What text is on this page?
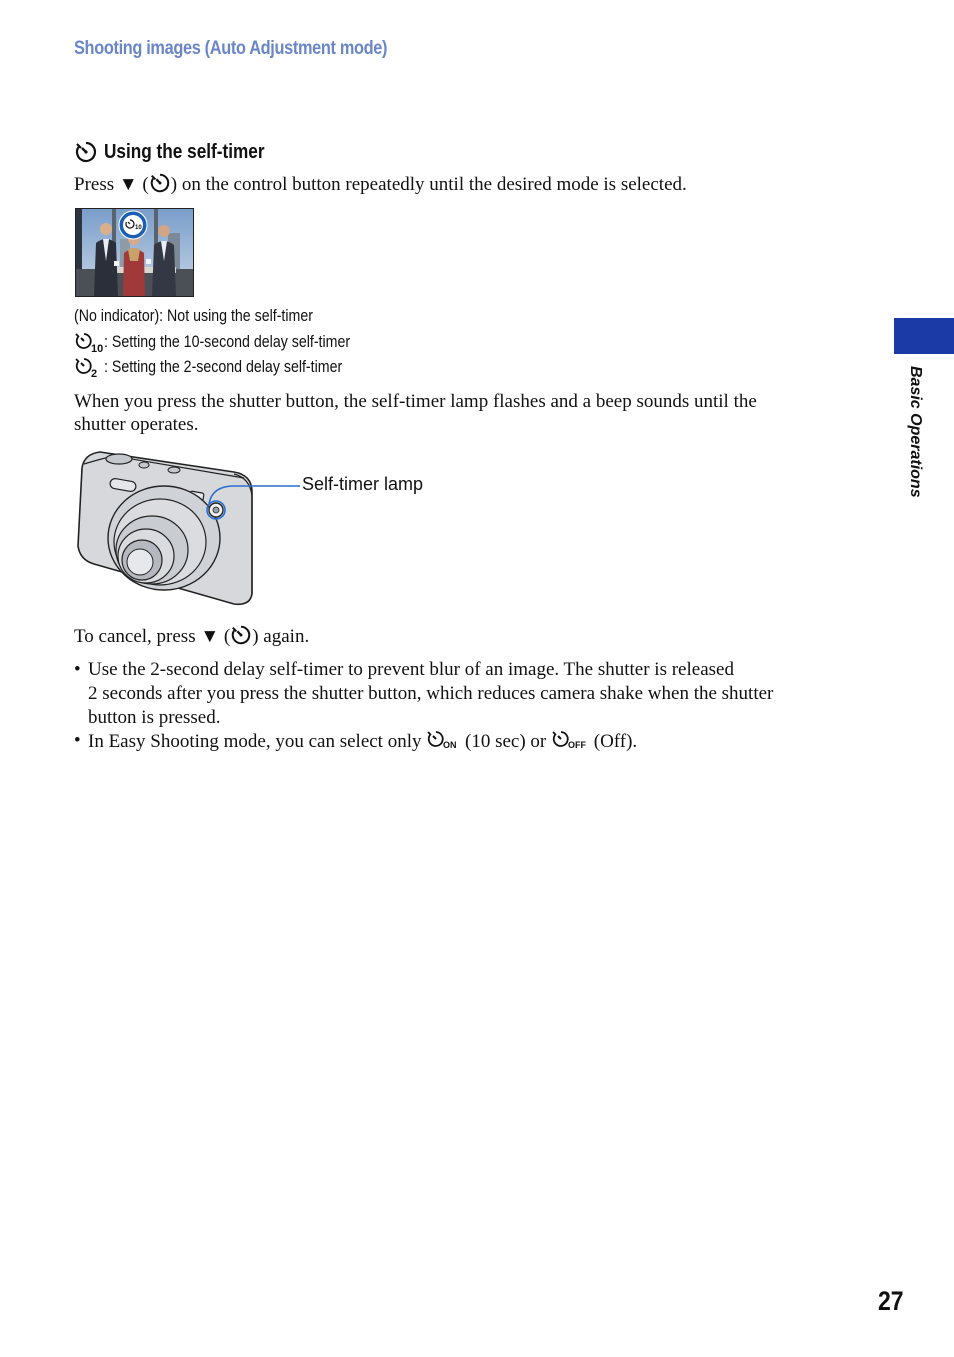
Shooting images (Auto Adjustment mode)
Using the self-timer
Press ▼ ( ) on the control button repeatedly until the desired mode is selected.
10
(No indicator): Not using the self-timer
10 : Setting the 10-second delay self-timer
2 : Setting the 2-second delay self-timer
When you press the shutter button, the self-timer lamp flashes and a beep sounds until the
shutter operates.
Self-timer lamp
To cancel, press ▼ ( ) again.
• Use the 2-second delay self-timer to prevent blur of an image. The shutter is released
2 seconds after you press the shutter button, which reduces camera shake when the shutter
button is pressed.
• In Easy Shooting mode, you can select only ON (10 sec) or OFF (Off).
Basic Operations
27
